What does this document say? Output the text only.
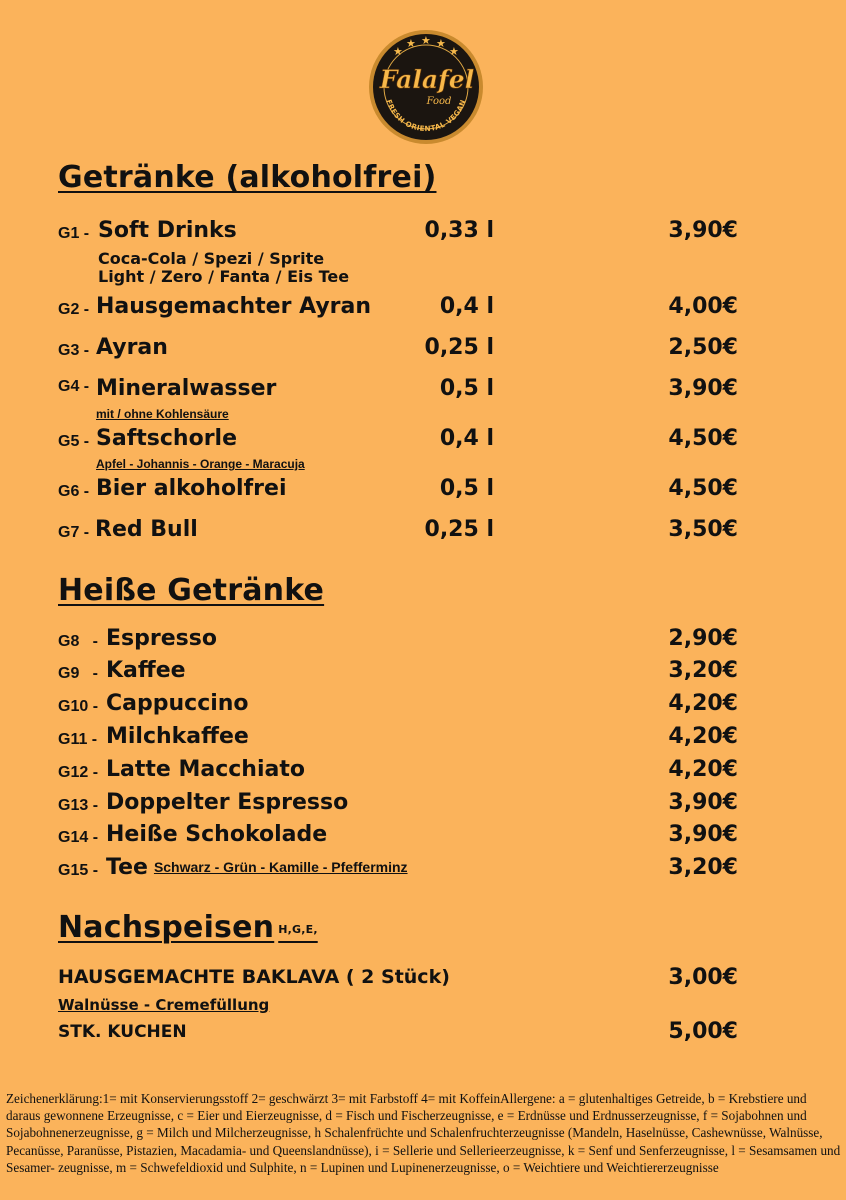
★
★ ★ ★
★
Falafel
Food
FRESH ORIENTAL VEGAN
Getränke (alkoholfrei)
G1 - Soft Drinks	0,33 l	3,90€
Coca-Cola / Spezi / Sprite
Light / Zero / Fanta / Eis Tee
G2 - Hausgemachter Ayran	0,4 l	4,00€
G3 - Ayran	0,25 l	2,50€
G4 - Mineralwasser	0,5 l	3,90€
mit / ohne Kohlensäure
G5 - Saftschorle	0,4 l	4,50€
Apfel - Johannis - Orange - Maracuja
G6 - Bier alkoholfrei	0,5 l	4,50€
G7 - Red Bull	0,25 l	3,50€
Heiße Getränke
G8   - Espresso	2,90€
G9   - Kaffee	3,20€
G10 - Cappuccino	4,20€
G11 - Milchkaffee	4,20€
G12 - Latte Macchiato	4,20€
G13 - Doppelter Espresso	3,90€
G14 - Heiße Schokolade	3,90€
G15 - Tee Schwarz - Grün - Kamille - Pfefferminz	3,20€
Nachspeisen $^{H,G,E,}$
HAUSGEMACHTE BAKLAVA ( 2 Stück)	3,00€
Walnüsse - Cremefüllung
STK. KUCHEN	5,00€

Zeichenerklärung:1= mit Konservierungsstoff 2= geschwärzt 3= mit Farbstoff 4= mit KoffeinAllergene: a = glutenhaltiges Getreide, b = Krebstiere und daraus gewonnene Erzeugnisse, c = Eier und Eierzeugnisse, d = Fisch und Fischerzeugnisse, e = Erdnüsse und Erdnusserzeugnisse, f = Sojabohnen und Sojabohnenerzeugnisse, g = Milch und Milcherzeugnisse, h Schalenfrüchte und Schalenfruchterzeugnisse (Mandeln, Haselnüsse, Cashewnüsse, Walnüsse, Pecanüsse, Paranüsse, Pistazien, Macadamia- und Queenslandnüsse), i = Sellerie und Sellerieerzeugnisse, k = Senf und Senferzeugnisse, l = Sesamsamen und Sesamer- zeugnisse, m = Schwefeldioxid und Sulphite, n = Lupinen und Lupinenerzeugnisse, o = Weichtiere und Weichtiererzeugnisse
